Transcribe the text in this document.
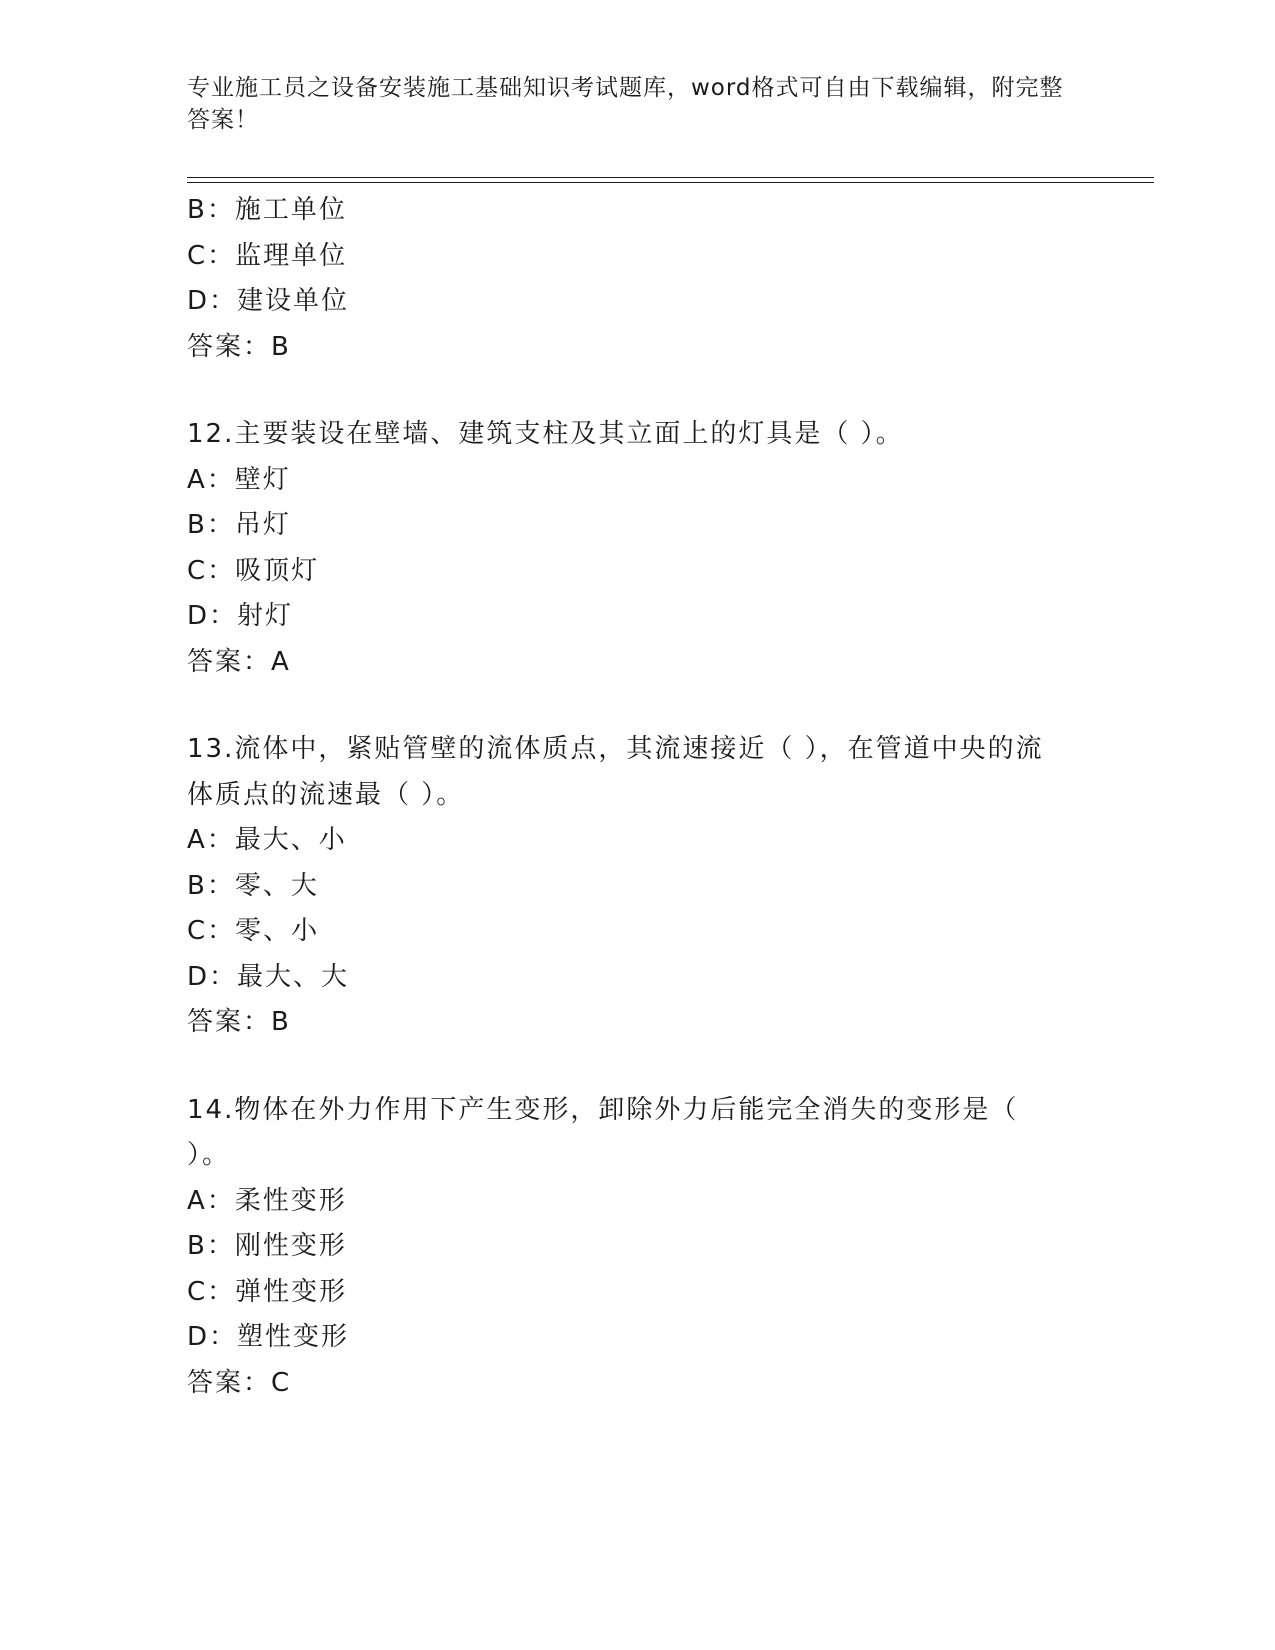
专业施工员之设备安装施工基础知识考试题库，word格式可自由下载编辑，附完整答案！
B：施工单位
C：监理单位
D：建设单位
答案：B
12.主要装设在壁墙、建筑支柱及其立面上的灯具是（ ）。
A：壁灯
B：吊灯
C：吸顶灯
D：射灯
答案：A
13.流体中，紧贴管壁的流体质点，其流速接近（ ），在管道中央的流体质点的流速最（ ）。
A：最大、小
B：零、大
C：零、小
D：最大、大
答案：B
14.物体在外力作用下产生变形，卸除外力后能完全消失的变形是（ ）。
A：柔性变形
B：刚性变形
C：弹性变形
D：塑性变形
答案：C
